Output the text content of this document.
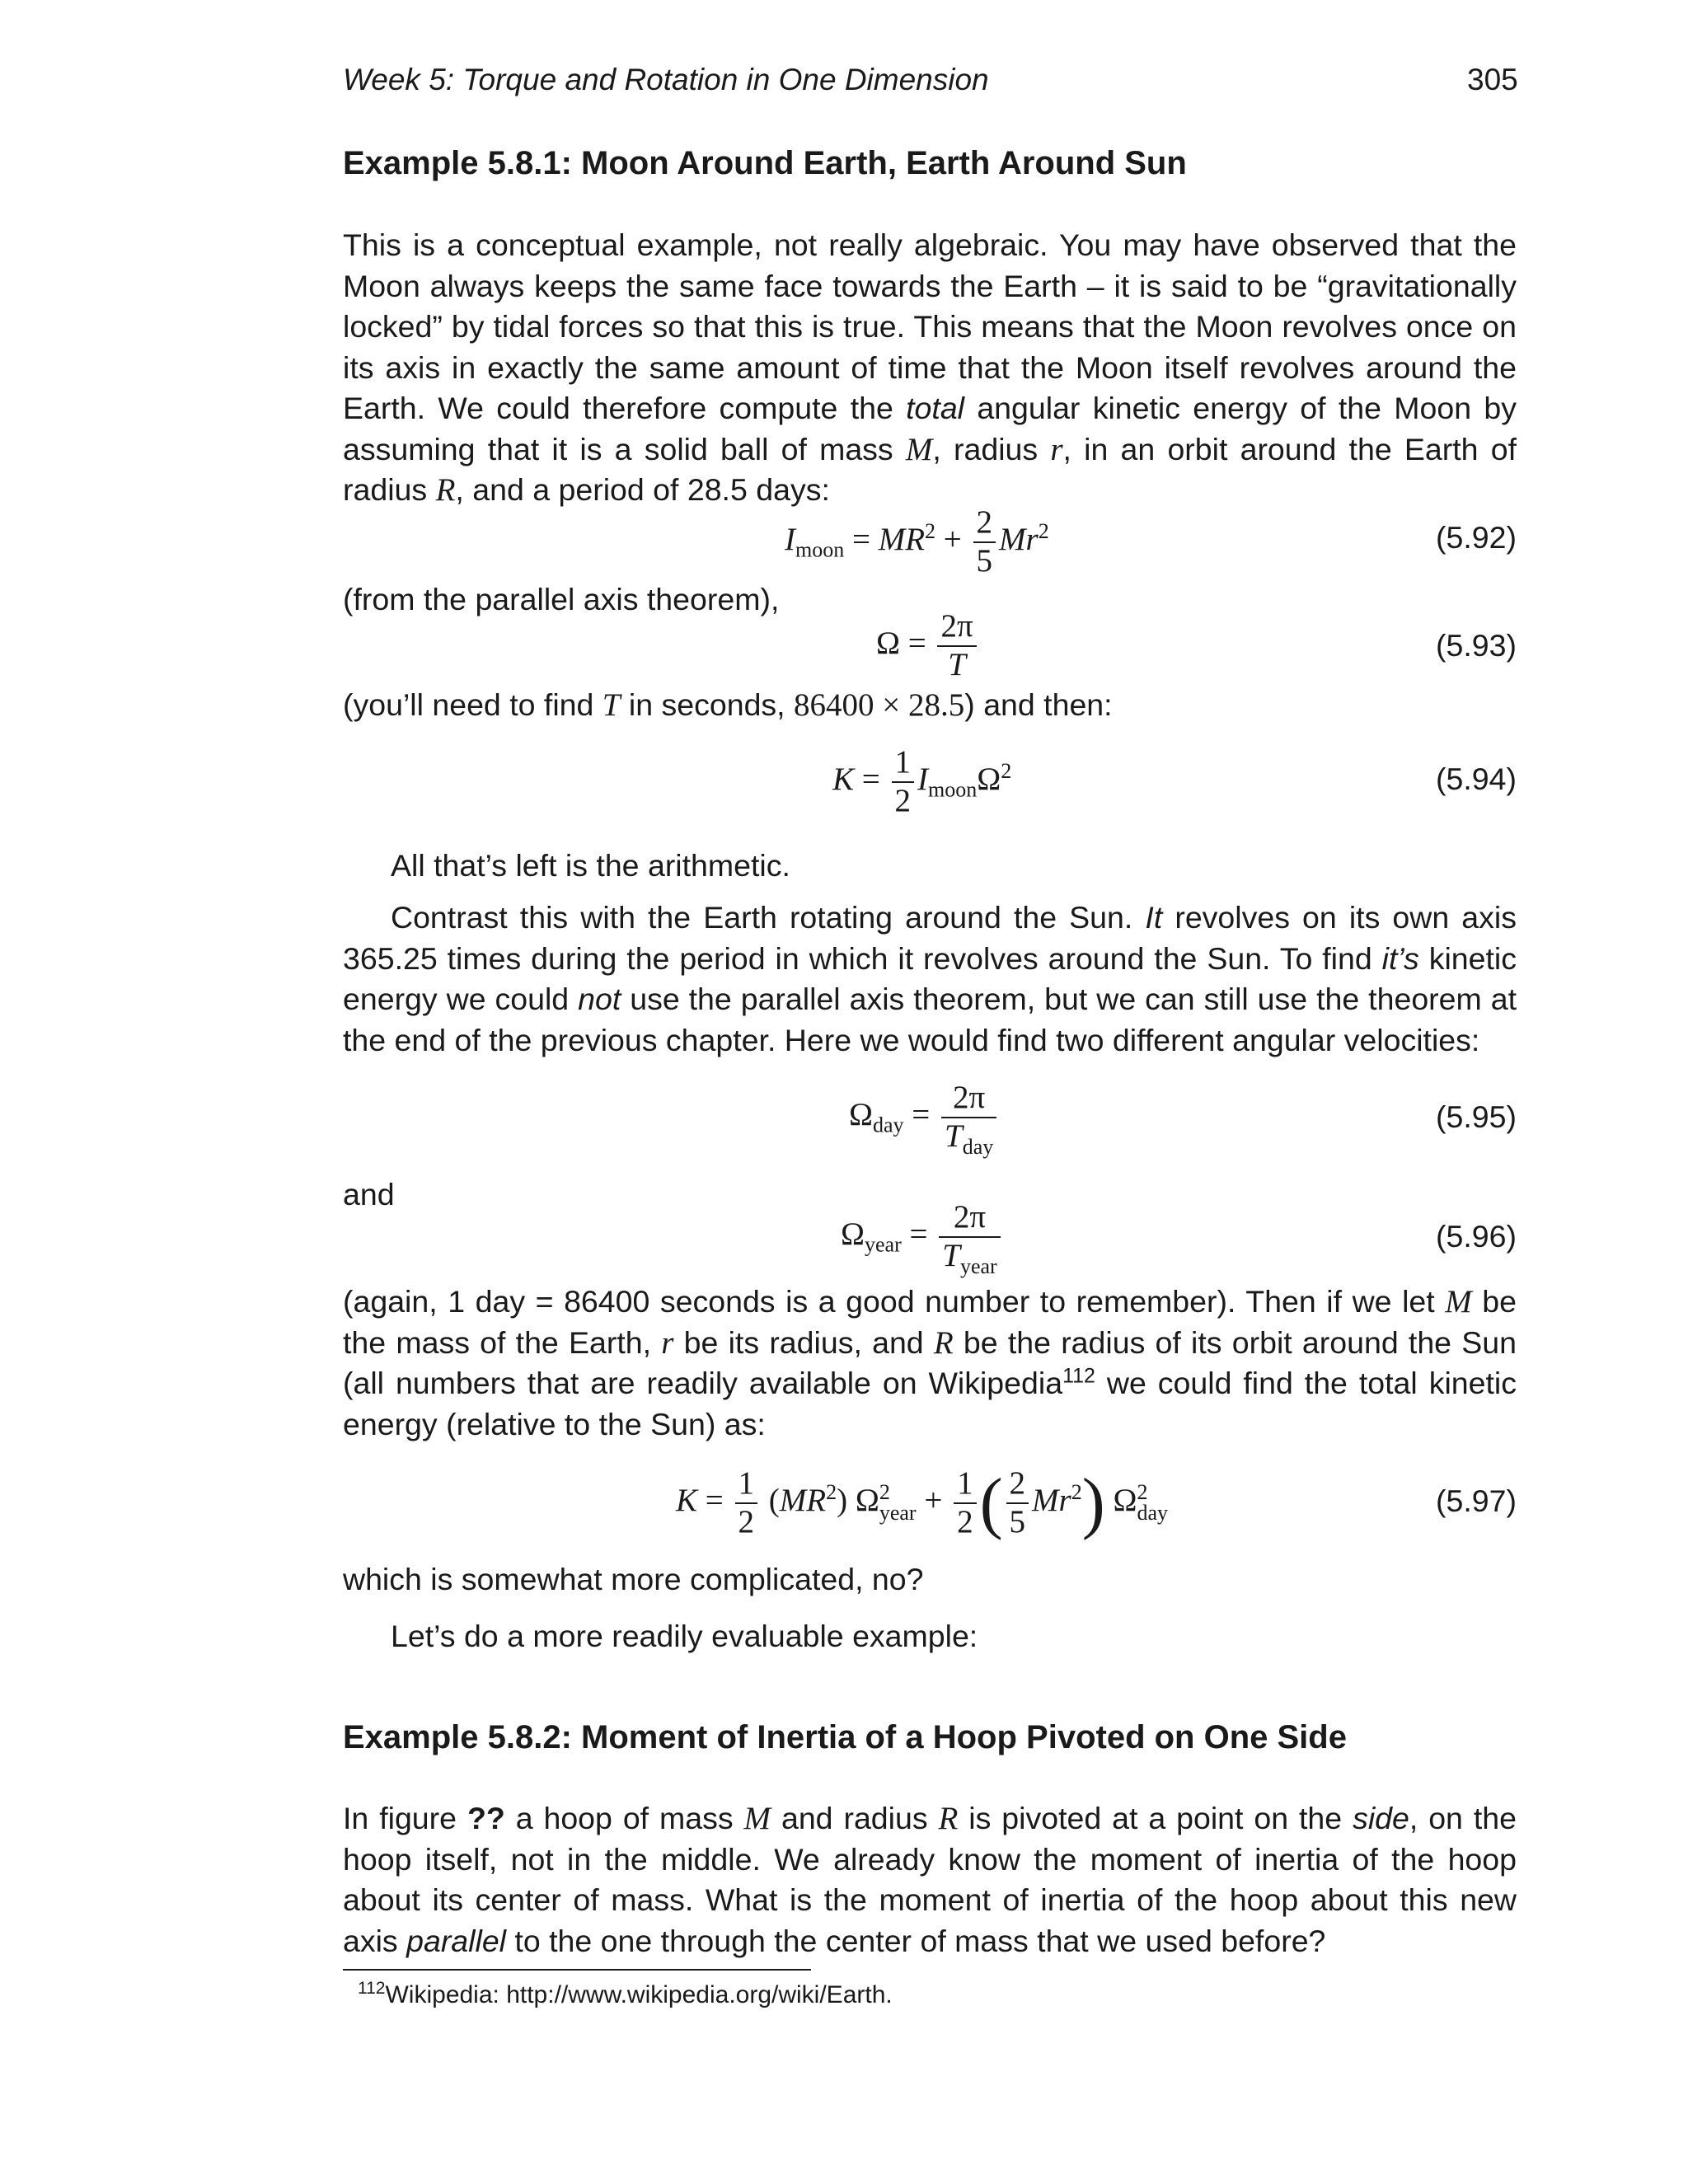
Week 5: Torque and Rotation in One Dimension	305
Example 5.8.1: Moon Around Earth, Earth Around Sun
This is a conceptual example, not really algebraic. You may have observed that the Moon always keeps the same face towards the Earth – it is said to be “gravitationally locked” by tidal forces so that this is true. This means that the Moon revolves once on its axis in exactly the same amount of time that the Moon itself revolves around the Earth. We could therefore compute the total angular kinetic energy of the Moon by assuming that it is a solid ball of mass M, radius r, in an orbit around the Earth of radius R, and a period of 28.5 days:
$I_{moon} = MR^2 + \frac{2}{5} Mr^2$	(5.92)
(from the parallel axis theorem),
$\Omega = \frac{2\pi}{T}$	(5.93)
(you’ll need to find T in seconds, 86400 × 28.5) and then:
$K = \frac{1}{2} I_{moon}\Omega^2$	(5.94)
All that’s left is the arithmetic.
Contrast this with the Earth rotating around the Sun. It revolves on its own axis 365.25 times during the period in which it revolves around the Sun. To find it’s kinetic energy we could not use the parallel axis theorem, but we can still use the theorem at the end of the previous chapter. Here we would find two different angular velocities:
$\Omega_{day} = \frac{2\pi}{T_{day}}$	(5.95)
and
$\Omega_{year} = \frac{2\pi}{T_{year}}$	(5.96)
(again, 1 day = 86400 seconds is a good number to remember). Then if we let M be the mass of the Earth, r be its radius, and R be the radius of its orbit around the Sun (all numbers that are readily available on Wikipedia$^{112}$ we could find the total kinetic energy (relative to the Sun) as:
$K = \frac{1}{2} (MR^2)$ Ω 2
year + $\frac{1}{2}$ ( $\frac{2}{5} Mr^2$) Ω 2
day	(5.97)
which is somewhat more complicated, no?
Let’s do a more readily evaluable example:
Example 5.8.2: Moment of Inertia of a Hoop Pivoted on One Side
In figure ?? a hoop of mass M and radius R is pivoted at a point on the side, on the hoop itself, not in the middle. We already know the moment of inertia of the hoop about its center of mass. What is the moment of inertia of the hoop about this new axis parallel to the one through the center of mass that we used before?
$^{112}$Wikipedia: http://www.wikipedia.org/wiki/Earth.
